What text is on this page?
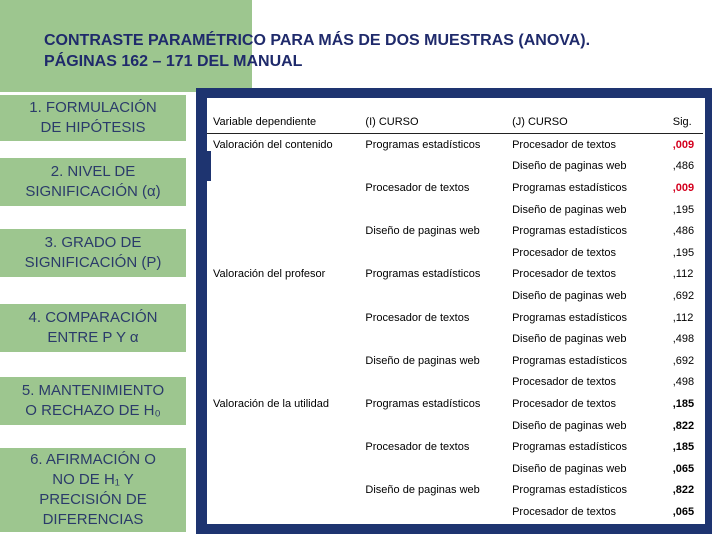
CONTRASTE PARAMÉTRICO PARA MÁS DE DOS MUESTRAS (ANOVA).
PÁGINAS 162 – 171 DEL MANUAL
1. FORMULACIÓN
DE HIPÓTESIS
2. NIVEL DE
SIGNIFICACIÓN (α)
3. GRADO DE
SIGNIFICACIÓN (P)
4. COMPARACIÓN
ENTRE P Y α
5. MANTENIMIENTO
O RECHAZO DE H₀
6. AFIRMACIÓN O
NO DE H₁ Y
PRECISIÓN DE
DIFERENCIAS
Variable dependiente	(I) CURSO	(J) CURSO	Sig.
Valoración del contenido	Programas estadísticos	Procesador de textos	,009
		Diseño de paginas web	,486
	Procesador de textos	Programas estadísticos	,009
		Diseño de paginas web	,195
	Diseño de paginas web	Programas estadísticos	,486
		Procesador de textos	,195
Valoración del profesor	Programas estadísticos	Procesador de textos	,112
		Diseño de paginas web	,692
	Procesador de textos	Programas estadísticos	,112
		Diseño de paginas web	,498
	Diseño de paginas web	Programas estadísticos	,692
		Procesador de textos	,498
Valoración de la utilidad	Programas estadísticos	Procesador de textos	,185
		Diseño de paginas web	,822
	Procesador de textos	Programas estadísticos	,185
		Diseño de paginas web	,065
	Diseño de paginas web	Programas estadísticos	,822
		Procesador de textos	,065
